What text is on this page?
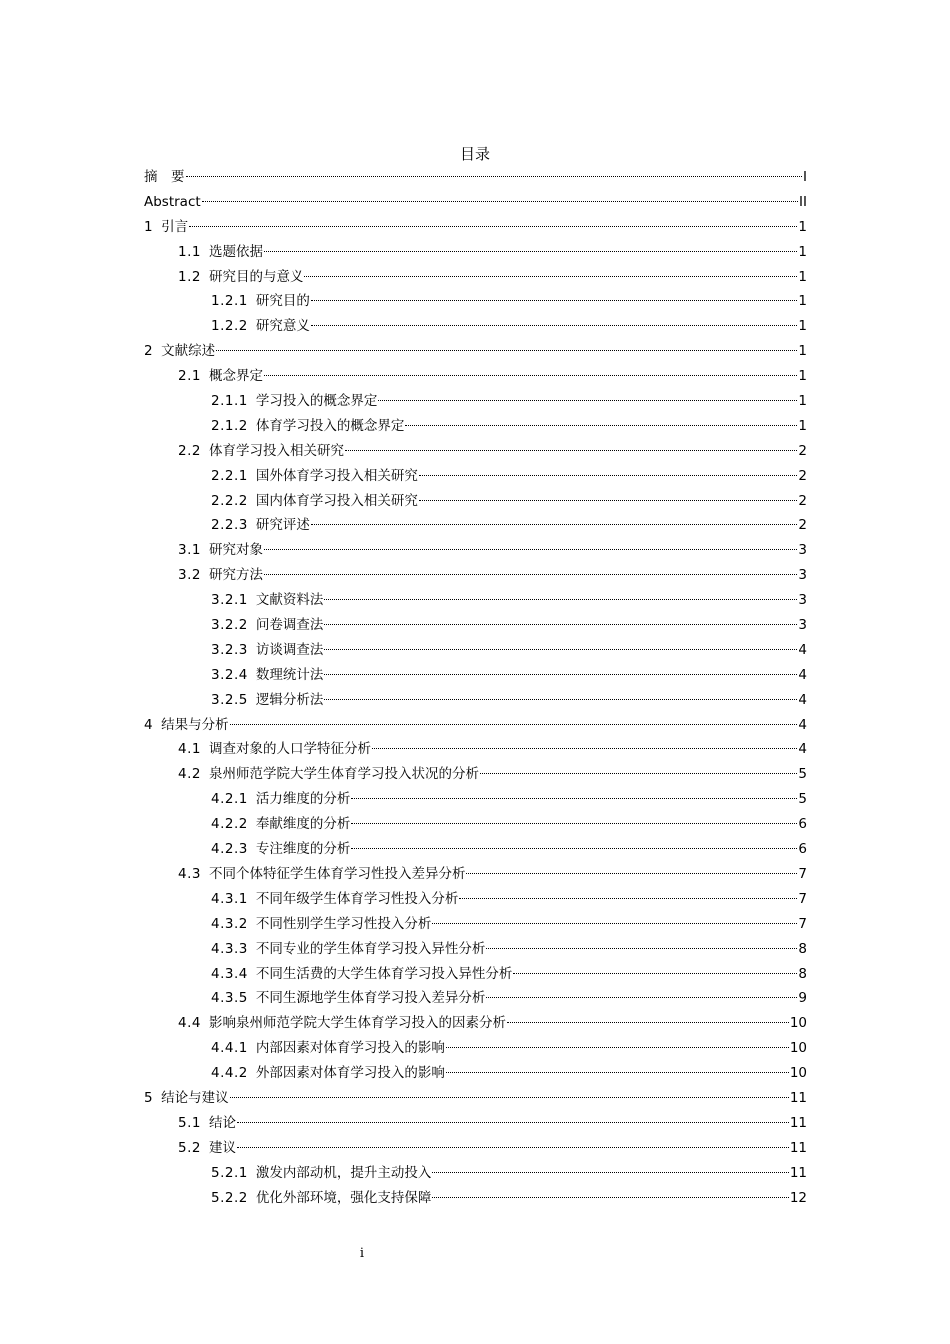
目录
摘　要	I
Abstract	II
1 引言	1
1.1 选题依据	1
1.2 研究目的与意义	1
1.2.1 研究目的	1
1.2.2 研究意义	1
2 文献综述	1
2.1 概念界定	1
2.1.1 学习投入的概念界定	1
2.1.2 体育学习投入的概念界定	1
2.2 体育学习投入相关研究	2
2.2.1 国外体育学习投入相关研究	2
2.2.2 国内体育学习投入相关研究	2
2.2.3 研究评述	2
3.1 研究对象	3
3.2 研究方法	3
3.2.1 文献资料法	3
3.2.2 问卷调查法	3
3.2.3 访谈调查法	4
3.2.4 数理统计法	4
3.2.5 逻辑分析法	4
4 结果与分析	4
4.1 调查对象的人口学特征分析	4
4.2 泉州师范学院大学生体育学习投入状况的分析	5
4.2.1 活力维度的分析	5
4.2.2 奉献维度的分析	6
4.2.3 专注维度的分析	6
4.3 不同个体特征学生体育学习性投入差异分析	7
4.3.1 不同年级学生体育学习性投入分析	7
4.3.2 不同性别学生学习性投入分析	7
4.3.3 不同专业的学生体育学习投入异性分析	8
4.3.4 不同生活费的大学生体育学习投入异性分析	8
4.3.5 不同生源地学生体育学习投入差异分析	9
4.4 影响泉州师范学院大学生体育学习投入的因素分析	10
4.4.1 内部因素对体育学习投入的影响	10
4.4.2 外部因素对体育学习投入的影响	10
5 结论与建议	11
5.1 结论	11
5.2 建议	11
5.2.1 激发内部动机，提升主动投入	11
5.2.2 优化外部环境，强化支持保障	12
i
